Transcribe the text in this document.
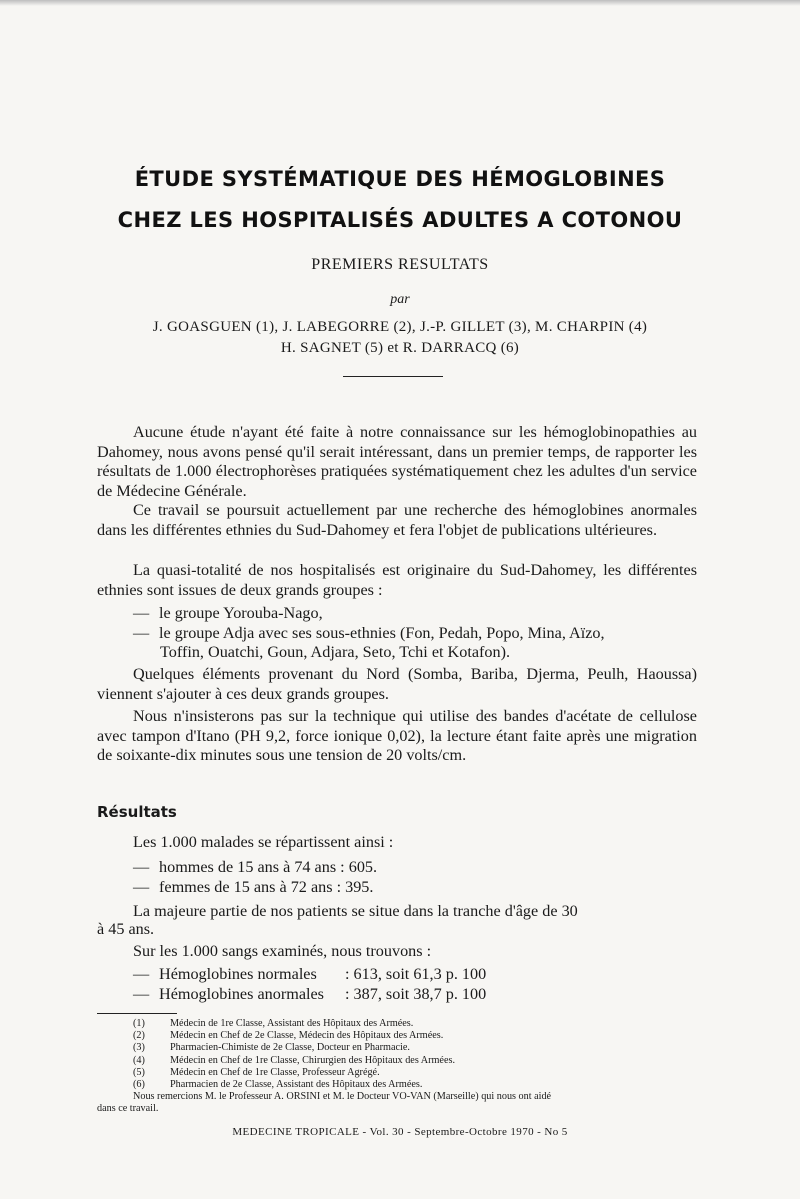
ÉTUDE SYSTÉMATIQUE DES HÉMOGLOBINES
CHEZ LES HOSPITALISÉS ADULTES A COTONOU
PREMIERS RESULTATS
par
J. GOASGUEN (1), J. LABEGORRE (2), J.-P. GILLET (3), M. CHARPIN (4)
H. SAGNET (5) et R. DARRACQ (6)

Aucune étude n'ayant été faite à notre connaissance sur les hémoglobinopathies au Dahomey, nous avons pensé qu'il serait intéressant, dans un premier temps, de rapporter les résultats de 1.000 électrophorèses pratiquées systématiquement chez les adultes d'un service de Médecine Générale.

Ce travail se poursuit actuellement par une recherche des hémoglobines anormales dans les différentes ethnies du Sud-Dahomey et fera l'objet de publications ultérieures.

La quasi-totalité de nos hospitalisés est originaire du Sud-Dahomey, les différentes ethnies sont issues de deux grands groupes :

— le groupe Yorouba-Nago,
— le groupe Adja avec ses sous-ethnies (Fon, Pedah, Popo, Mina, Aïzo,
Toffin, Ouatchi, Goun, Adjara, Seto, Tchi et Kotafon).

Quelques éléments provenant du Nord (Somba, Bariba, Djerma, Peulh, Haoussa) viennent s'ajouter à ces deux grands groupes.

Nous n'insisterons pas sur la technique qui utilise des bandes d'acétate de cellulose avec tampon d'Itano (PH 9,2, force ionique 0,02), la lecture étant faite après une migration de soixante-dix minutes sous une tension de 20 volts/cm.

Résultats
Les 1.000 malades se répartissent ainsi :
— hommes de 15 ans à 74 ans : 605.
— femmes de 15 ans à 72 ans : 395.
La majeure partie de nos patients se situe dans la tranche d'âge de 30
à 45 ans.
Sur les 1.000 sangs examinés, nous trouvons :
— Hémoglobines normales : 613, soit 61,3 p. 100
— Hémoglobines anormales : 387, soit 38,7 p. 100
(1) Médecin de 1re Classe, Assistant des Hôpitaux des Armées.
(2) Médecin en Chef de 2e Classe, Médecin des Hôpitaux des Armées.
(3) Pharmacien-Chimiste de 2e Classe, Docteur en Pharmacie.
(4) Médecin en Chef de 1re Classe, Chirurgien des Hôpitaux des Armées.
(5) Médecin en Chef de 1re Classe, Professeur Agrégé.
(6) Pharmacien de 2e Classe, Assistant des Hôpitaux des Armées.
Nous remercions M. le Professeur A. ORSINI et M. le Docteur VO-VAN (Marseille) qui nous ont aidé
dans ce travail.
MEDECINE TROPICALE - Vol. 30 - Septembre-Octobre 1970 - No 5
